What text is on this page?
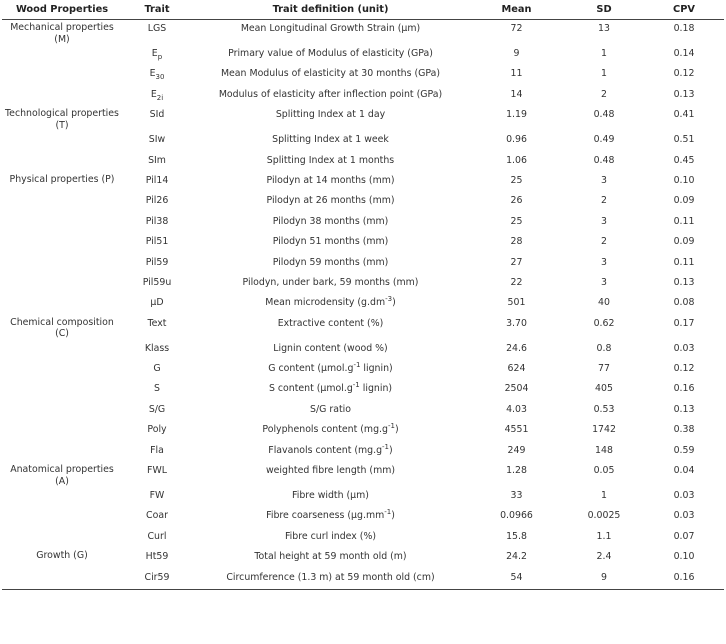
Wood Properties	Trait	Trait definition (unit)	Mean	SD	CPV
Mechanical properties (M)	LGS	Mean Longitudinal Growth Strain (µm)	72	13	0.18
	$E_p$	Primary value of Modulus of elasticity (GPa)	9	1	0.14
	$E_{30}$	Mean Modulus of elasticity at 30 months (GPa)	11	1	0.12
	$E_{2i}$	Modulus of elasticity after inflection point (GPa)	14	2	0.13
Technological properties (T)	SId	Splitting Index at 1 day	1.19	0.48	0.41
	SIw	Splitting Index at 1 week	0.96	0.49	0.51
	SIm	Splitting Index at 1 months	1.06	0.48	0.45
Physical properties (P)	Pil14	Pilodyn at 14 months (mm)	25	3	0.10
	Pil26	Pilodyn at 26 months (mm)	26	2	0.09
	Pil38	Pilodyn 38 months (mm)	25	3	0.11
	Pil51	Pilodyn 51 months (mm)	28	2	0.09
	Pil59	Pilodyn 59 months (mm)	27	3	0.11
	Pil59u	Pilodyn, under bark, 59 months (mm)	22	3	0.13
	µD	Mean microdensity $(g.dm^{-3})$	501	40	0.08
Chemical composition (C)	Text	Extractive content (%)	3.70	0.62	0.17
	Klass	Lignin content (wood %)	24.6	0.8	0.03
	G	G content ($\mu mol.g^{-1}$ lignin)	624	77	0.12
	S	S content ($\mu mol.g^{-1}$ lignin)	2504	405	0.16
	S/G	S/G ratio	4.03	0.53	0.13
	Poly	Polyphenols content $(mg.g^{-1})$	4551	1742	0.38
	Fla	Flavanols content $(mg.g^{-1})$	249	148	0.59
Anatomical properties (A)	FWL	weighted fibre length (mm)	1.28	0.05	0.04
	FW	Fibre width (µm)	33	1	0.03
	Coar	Fibre coarseness $(\mu g.mm^{-1})$	0.0966	0.0025	0.03
	Curl	Fibre curl index (%)	15.8	1.1	0.07
Growth (G)	Ht59	Total height at 59 month old (m)	24.2	2.4	0.10
	Cir59	Circumference (1.3 m) at 59 month old (cm)	54	9	0.16
